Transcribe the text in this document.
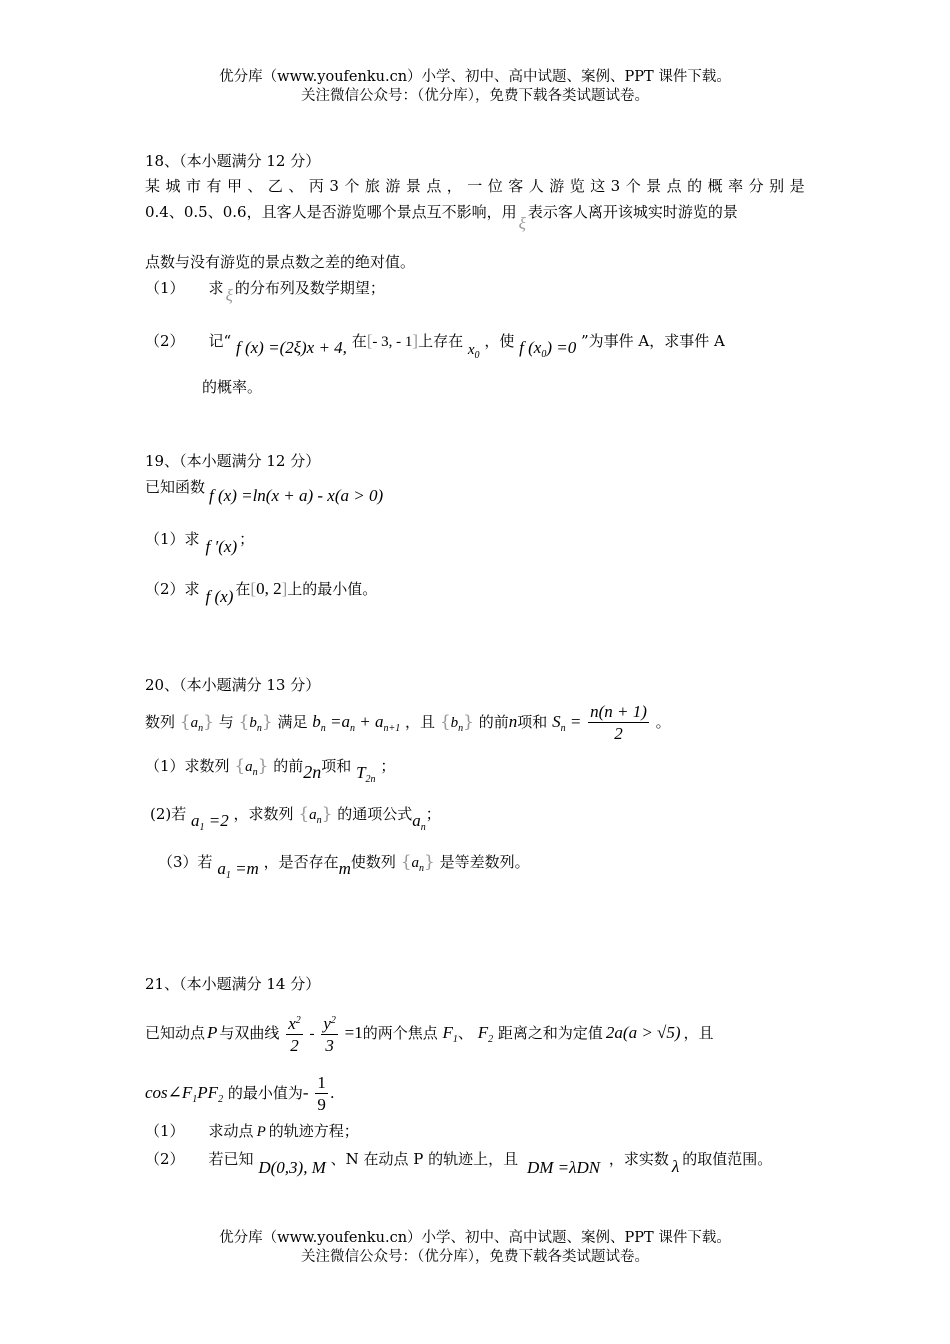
优分库（www.youfenku.cn）小学、初中、高中试题、案例、PPT 课件下载。
关注微信公众号：（优分库），免费下载各类试题试卷。
18、（本小题满分 12 分）
某 城 市 有 甲 、 乙 、 丙 3 个 旅 游 景 点 ， 一 位 客 人 游 览 这 3 个 景 点 的 概 率 分 别 是
0.4、0.5、0.6，且客人是否游览哪个景点互不影响，用ξ表示客人离开该城实时游览的景
点数与没有游览的景点数之差的绝对值。
（1） 求 ξ 的分布列及数学期望；
（2） 记“ f (x) =(2ξ)x + 4, 在[- 3, - 1]上存在 $x_0$ ，使 f $(x_0) =0$ ”为事件 A，求事件 A
的概率。
19、（本小题满分 12 分）
已知函数 f (x) =ln(x + a) - x(a > 0)
（1）求 f ′(x) ；
（2）求 f (x) 在[0, 2]上的最小值。
20、（本小题满分 13 分）
数列 $\{a_n\}$ 与 $\{b_n\}$ 满足 $b_n =a_n + a_{n+1}$ ，且 $\{b_n\}$ 的前n项和 $S_n = \frac{n(n + 1)}{2}$ 。
（1）求数列 $\{a_n\}$ 的前2n项和 $T_{2n}$ ；
(2)若 $a_1 =2$ ，求数列 $\{a_n\}$ 的通项公式$a_n$；
（3）若 $a_1 =m$ ，是否存在m使数列 $\{a_n\}$ 是等差数列。
21、（本小题满分 14 分）
已知动点 P 与双曲线 $\frac{x^2}{2} - \frac{y^2}{3} =1$的两个焦点 $F_1$、 $F_2$ 距离之和为定值 2a(a > √5) ，且
$\cos\angle F_1PF_2$ 的最小值为- $\frac{1}{9}$ .
（1） 求动点 P 的轨迹方程；
（2） 若已知 D(0,3), M 、N 在动点 P 的轨迹上，且 DM =λDN ，求实数 λ 的取值范围。
优分库（www.youfenku.cn）小学、初中、高中试题、案例、PPT 课件下载。
关注微信公众号：（优分库），免费下载各类试题试卷。
